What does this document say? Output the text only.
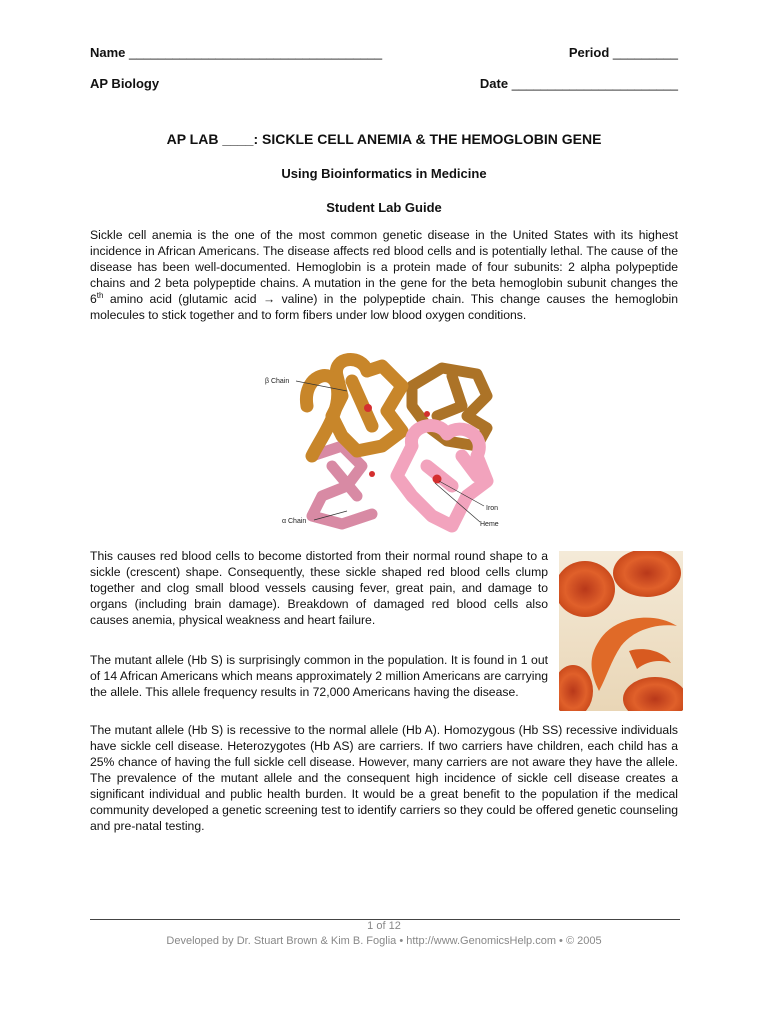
Name ___________________________________	Period _________
AP Biology	Date _______________________
AP LAB ____: SICKLE CELL ANEMIA & THE HEMOGLOBIN GENE
Using Bioinformatics in Medicine
Student Lab Guide

Sickle cell anemia is the one of the most common genetic disease in the United States with its highest incidence in African Americans. The disease affects red blood cells and is potentially lethal. The cause of the disease has been well-documented. Hemoglobin is a protein made of four subunits: 2 alpha polypeptide chains and 2 beta polypeptide chains. A mutation in the gene for the beta hemoglobin subunit changes the 6th amino acid (glutamic acid → valine) in the polypeptide chain. This change causes the hemoglobin molecules to stick together and to form fibers under low blood oxygen conditions.

β Chain
α Chain
Iron
Heme

This causes red blood cells to become distorted from their normal round shape to a sickle (crescent) shape. Consequently, these sickle shaped red blood cells clump together and clog small blood vessels causing fever, great pain, and damage to organs (including brain damage). Breakdown of damaged red blood cells also causes anemia, physical weakness and heart failure.

The mutant allele (Hb S) is surprisingly common in the population. It is found in 1 out of 14 African Americans which means approximately 2 million Americans are carrying the allele. This allele frequency results in 72,000 Americans having the disease.

The mutant allele (Hb S) is recessive to the normal allele (Hb A). Homozygous (Hb SS) recessive individuals have sickle cell disease. Heterozygotes (Hb AS) are carriers. If two carriers have children, each child has a 25% chance of having the full sickle cell disease. However, many carriers are not aware they have the allele. The prevalence of the mutant allele and the consequent high incidence of sickle cell disease creates a significant individual and public health burden. It would be a great benefit to the population if the medical community developed a genetic screening test to identify carriers so they could be offered genetic counseling and pre-natal testing.

1 of 12
Developed by Dr. Stuart Brown & Kim B. Foglia • http://www.GenomicsHelp.com • © 2005
